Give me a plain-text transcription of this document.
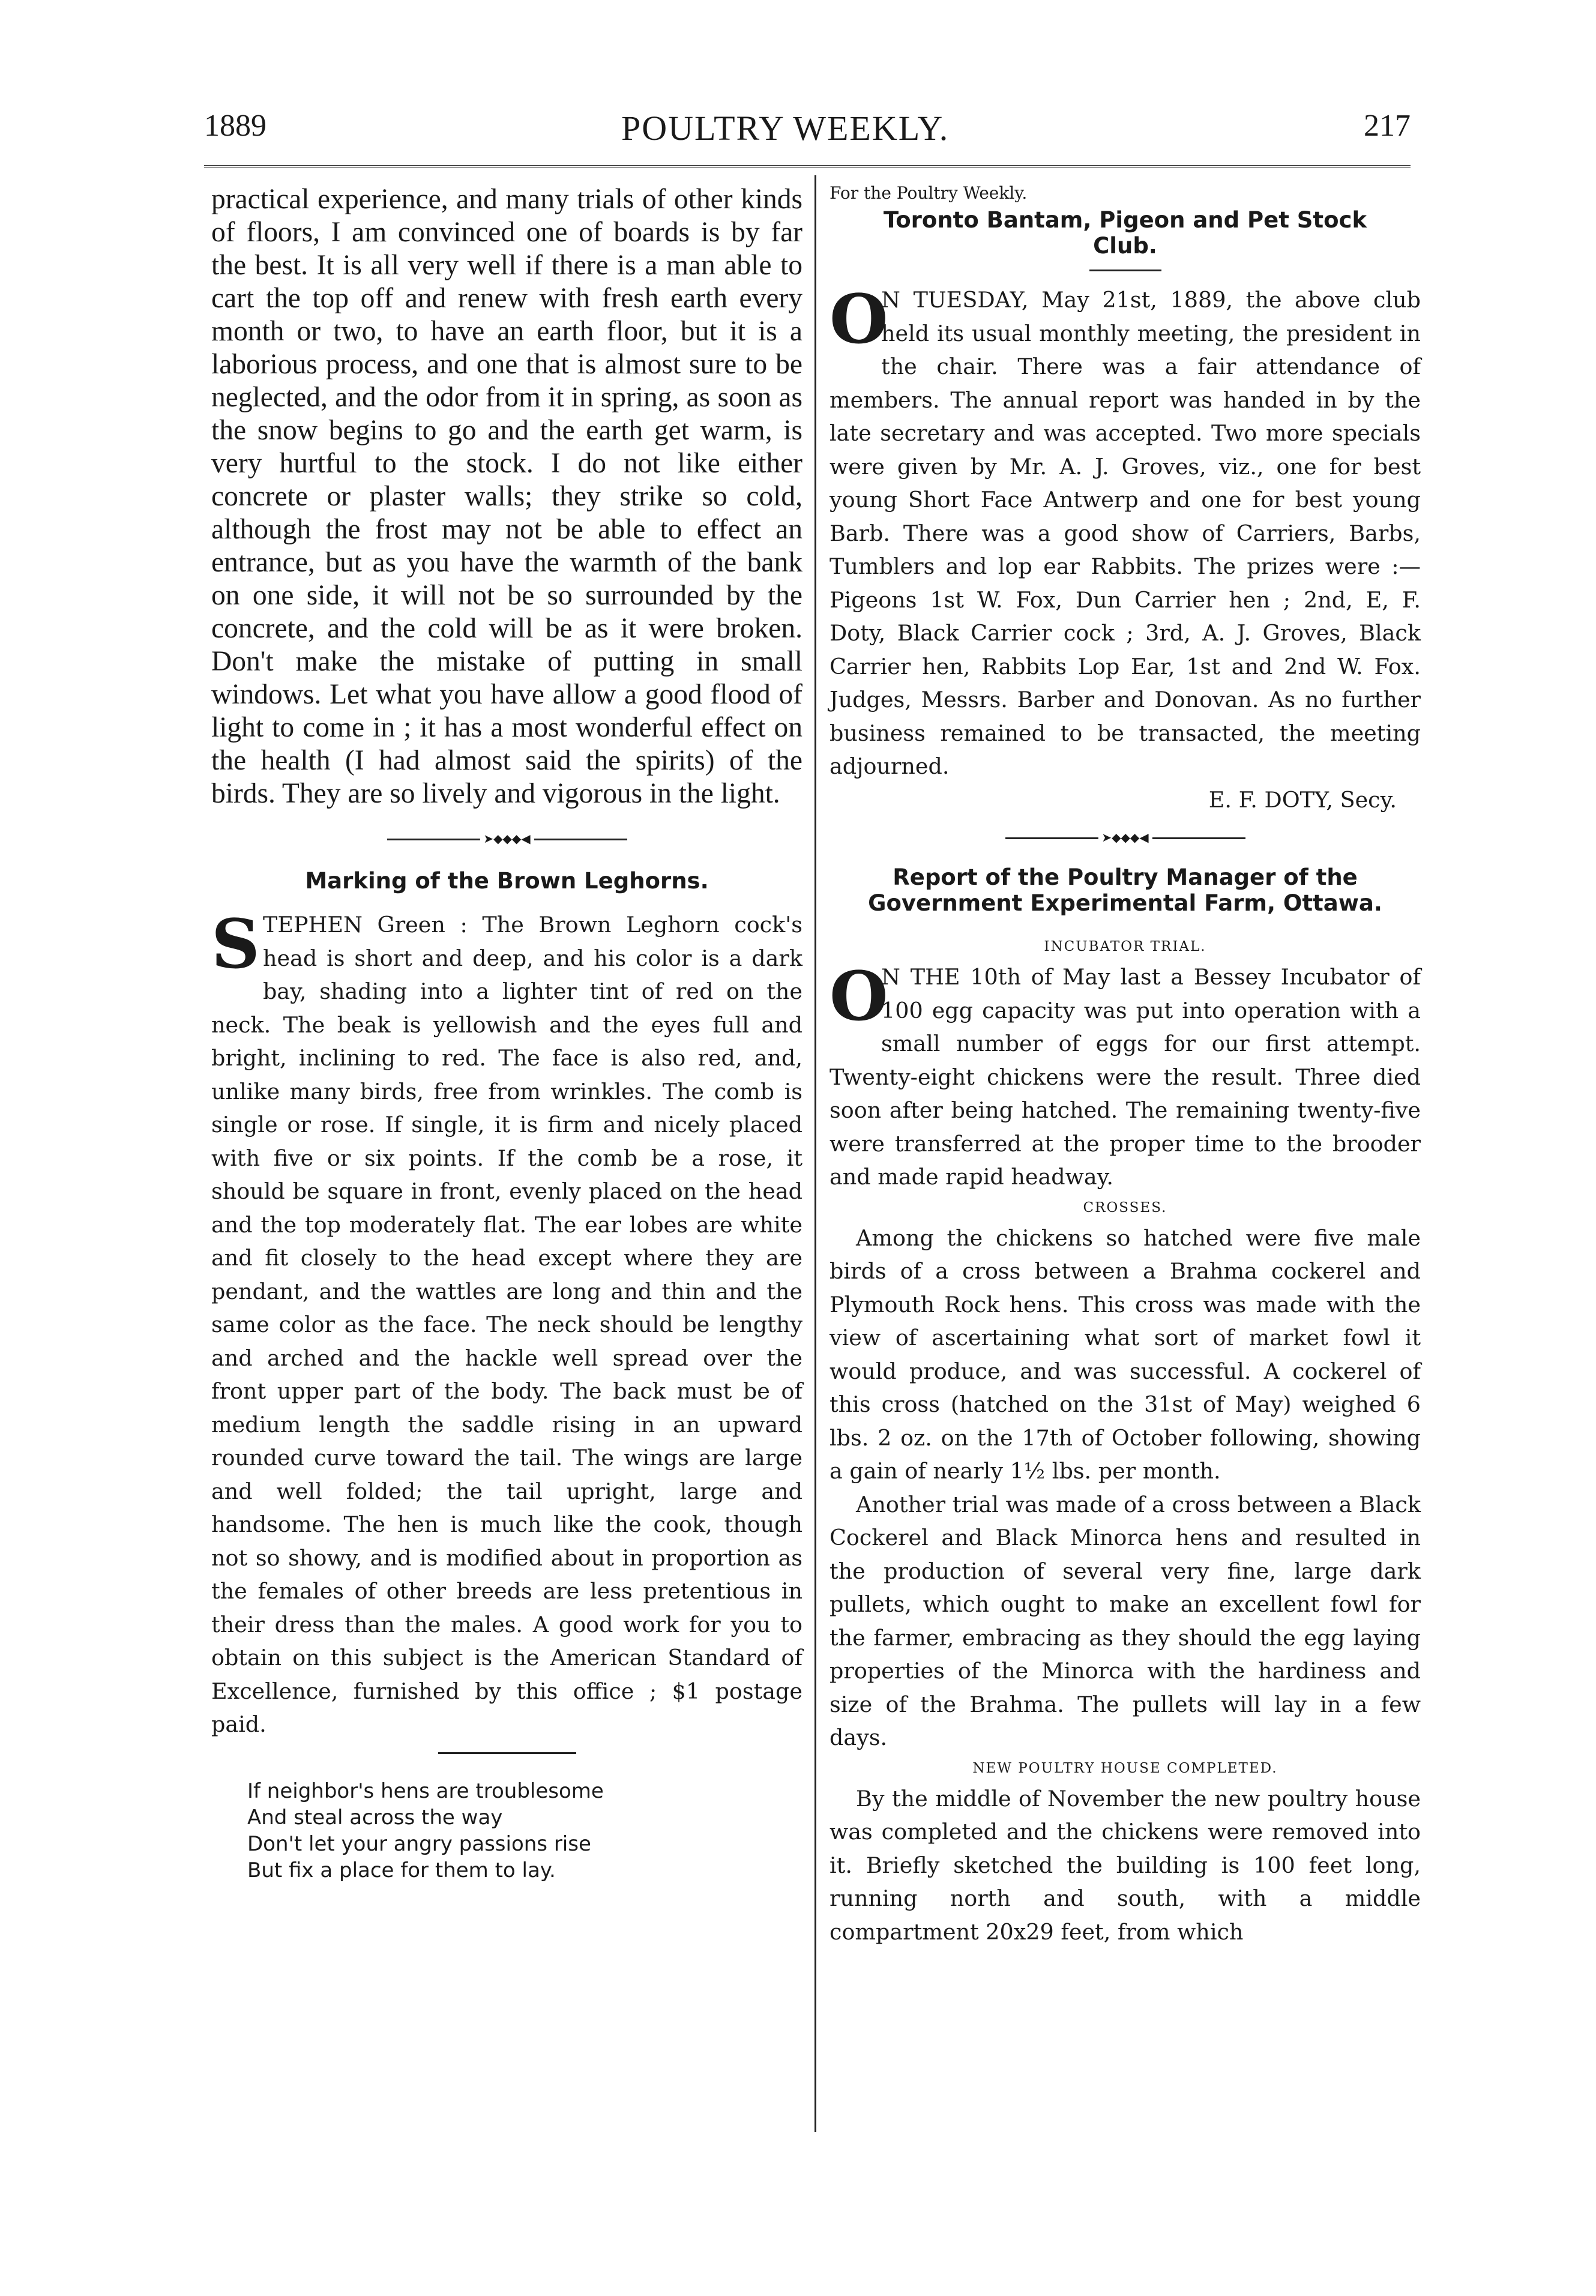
1889	POULTRY WEEKLY.	217

practical experience, and many trials of other kinds of floors, I am convinced one of boards is by far the best. It is all very well if there is a man able to cart the top off and renew with fresh earth every month or two, to have an earth floor, but it is a laborious process, and one that is almost sure to be neglected, and the odor from it in spring, as soon as the snow begins to go and the earth get warm, is very hurtful to the stock. I do not like either concrete or plaster walls; they strike so cold, although the frost may not be able to effect an entrance, but as you have the warmth of the bank on one side, it will not be so surrounded by the concrete, and the cold will be as it were broken. Don't make the mistake of putting in small windows. Let what you have allow a good flood of light to come in ; it has a most wonderful effect on the health (I had almost said the spirits) of the birds. They are so lively and vigorous in the light.

➤◆◆◆◀

Marking of the Brown Leghorns.

S TEPHEN Green : The Brown Leghorn cock's head is short and deep, and his color is a dark bay, shading into a lighter tint of red on the neck. The beak is yellowish and the eyes full and bright, inclining to red. The face is also red, and, unlike many birds, free from wrinkles. The comb is single or rose. If single, it is firm and nicely placed with five or six points. If the comb be a rose, it should be square in front, evenly placed on the head and the top moderately flat. The ear lobes are white and fit closely to the head except where they are pendant, and the wattles are long and thin and the same color as the face. The neck should be lengthy and arched and the hackle well spread over the front upper part of the body. The back must be of medium length the saddle rising in an upward rounded curve toward the tail. The wings are large and well folded; the tail upright, large and handsome. The hen is much like the cook, though not so showy, and is modified about in proportion as the females of other breeds are less pretentious in their dress than the males. A good work for you to obtain on this subject is the American Standard of Excellence, furnished by this office ; $1 postage paid.

If neighbor's hens are troublesome
And steal across the way
Don't let your angry passions rise
But fix a place for them to lay.

For the Poultry Weekly.

Toronto Bantam, Pigeon and Pet Stock Club.

O

N TUESDAY, May 21st, 1889, the above club held its usual monthly meeting, the president in the chair. There was a fair attendance of members. The annual report was handed in by the late secretary and was accepted. Two more specials were given by Mr. A. J. Groves, viz., one for best young Short Face Antwerp and one for best young Barb. There was a good show of Carriers, Barbs, Tumblers and lop ear Rabbits. The prizes were :—Pigeons 1st W. Fox, Dun Carrier hen ; 2nd, E, F. Doty, Black Carrier cock ; 3rd, A. J. Groves, Black Carrier hen, Rabbits Lop Ear, 1st and 2nd W. Fox. Judges, Messrs. Barber and Donovan. As no further business remained to be transacted, the meeting adjourned.

E. F. DOTY, Secy.

➤◆◆◆◀

Report of the Poultry Manager of the Government Experimental Farm, Ottawa.

INCUBATOR TRIAL.

O

N THE 10th of May last a Bessey Incubator of 100 egg capacity was put into operation with a small number of eggs for our first attempt. Twenty-eight chickens were the result. Three died soon after being hatched. The remaining twenty-five were transferred at the proper time to the brooder and made rapid headway.

CROSSES.

Among the chickens so hatched were five male birds of a cross between a Brahma cockerel and Plymouth Rock hens. This cross was made with the view of ascertaining what sort of market fowl it would produce, and was successful. A cockerel of this cross (hatched on the 31st of May) weighed 6 lbs. 2 oz. on the 17th of October following, showing a gain of nearly 1½ lbs. per month.

Another trial was made of a cross between a Black Cockerel and Black Minorca hens and resulted in the production of several very fine, large dark pullets, which ought to make an excellent fowl for the farmer, embracing as they should the egg laying properties of the Minorca with the hardiness and size of the Brahma. The pullets will lay in a few days.

NEW POULTRY HOUSE COMPLETED.

By the middle of November the new poultry house was completed and the chickens were removed into it. Briefly sketched the building is 100 feet long, running north and south, with a middle compartment 20x29 feet, from which
